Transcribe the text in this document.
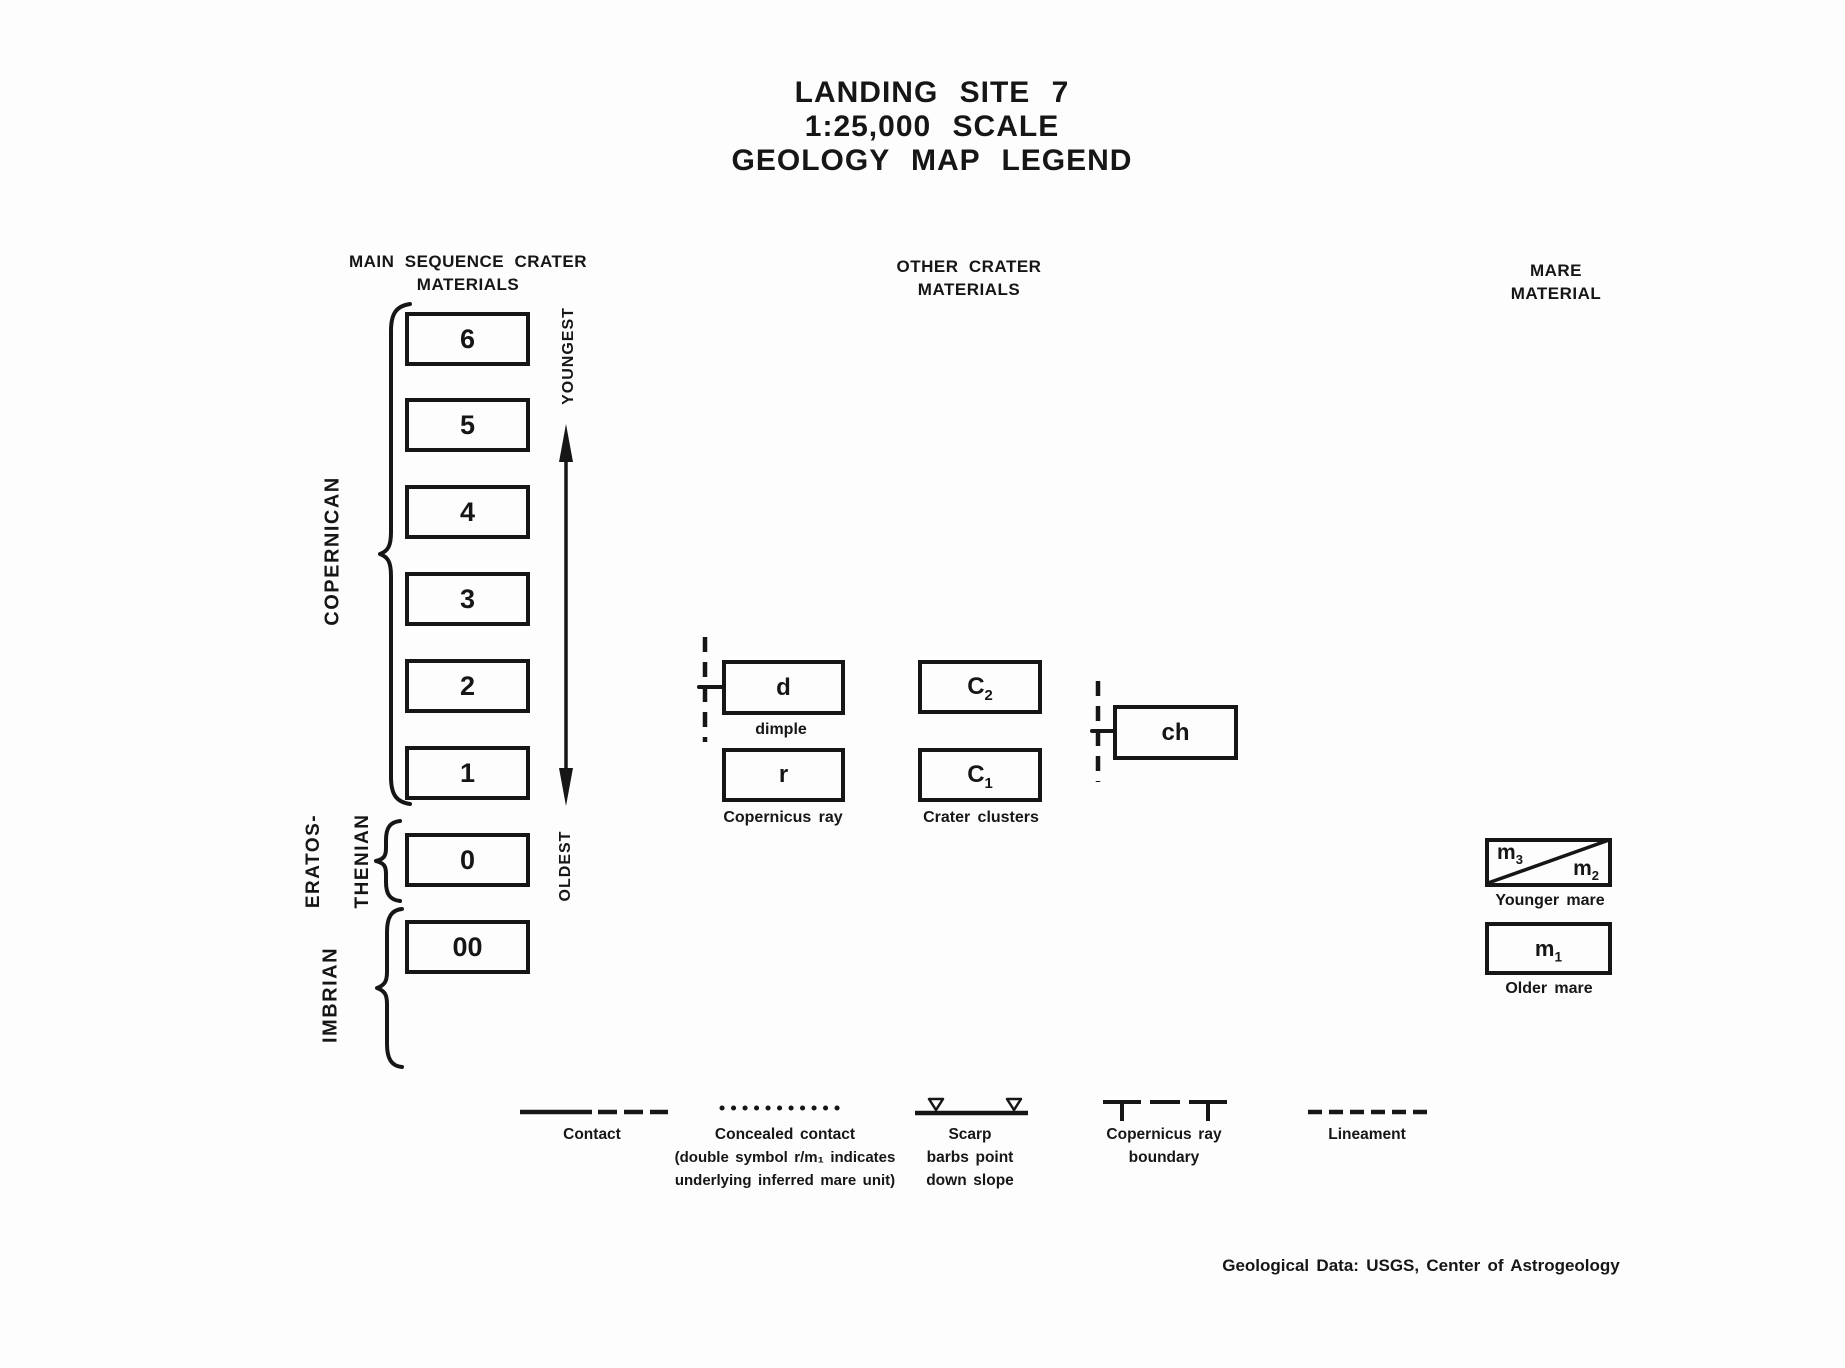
LANDING SITE 7
1:25,000 SCALE
GEOLOGY MAP LEGEND
MAIN SEQUENCE CRATER
MATERIALS
OTHER CRATER
MATERIALS
MARE
MATERIAL
6
5
4
3
2
1
0
00
COPERNICAN
ERATOS- THENIAN
IMBRIAN
YOUNGEST
OLDEST
d
dimple
r
Copernicus ray
$C_2$
$C_1$
Crater clusters
ch
$m_3$ $m_2$
Younger mare
$m_1$
Older mare
Contact	Concealed contact
(double symbol r/m₁ indicates
underlying inferred mare unit)
Scarp
barbs point
down slope
Copernicus ray
boundary
Lineament
Geological Data: USGS, Center of Astrogeology
